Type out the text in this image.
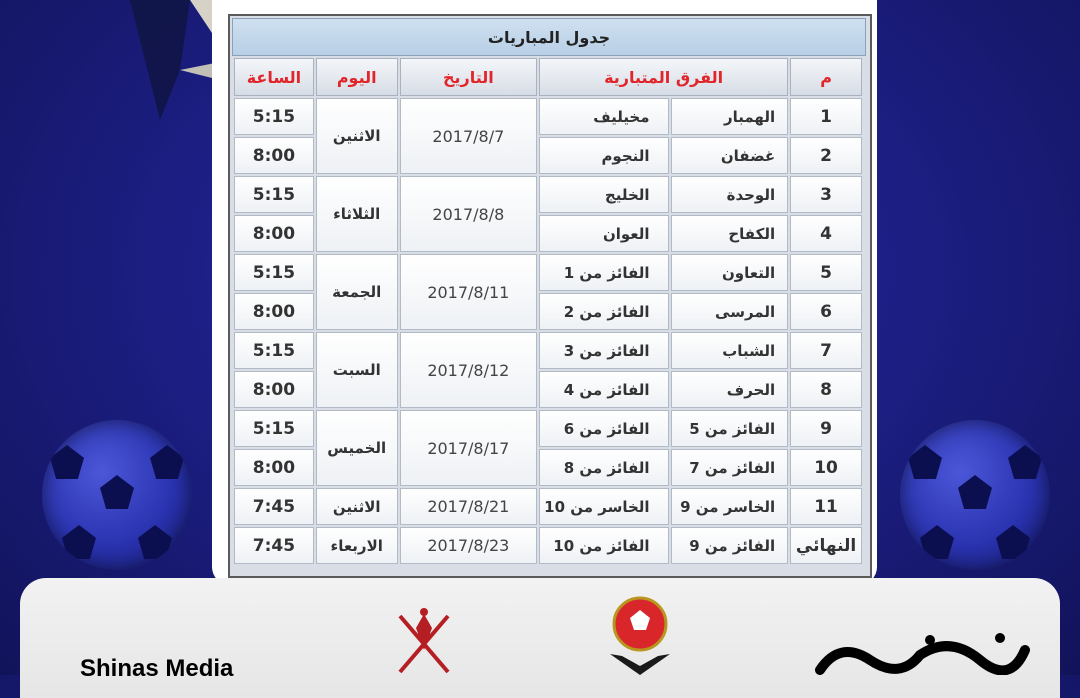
جدول المباريات
م	الفرق المتبارية		التاريخ	اليوم	الساعة
1	الهمبار	مخيليف	2017/8/7	الاثنين	5:15
2	غضفان	النجوم			8:00
3	الوحدة	الخليج	2017/8/8	الثلاثاء	5:15
4	الكفاح	العوان			8:00
5	التعاون	الفائز من 1	2017/8/11	الجمعة	5:15
6	المرسى	الفائز من 2			8:00
7	الشباب	الفائز من 3	2017/8/12	السبت	5:15
8	الحرف	الفائز من 4			8:00
9	الفائز من 5	الفائز من 6	2017/8/17	الخميس	5:15
10	الفائز من 7	الفائز من 8			8:00
11	الخاسر من 9	الخاسر من 10	2017/8/21	الاثنين	7:45
النهائي	الفائز من 9	الفائز من 10	2017/8/23	الاربعاء	7:45
Shinas Media
